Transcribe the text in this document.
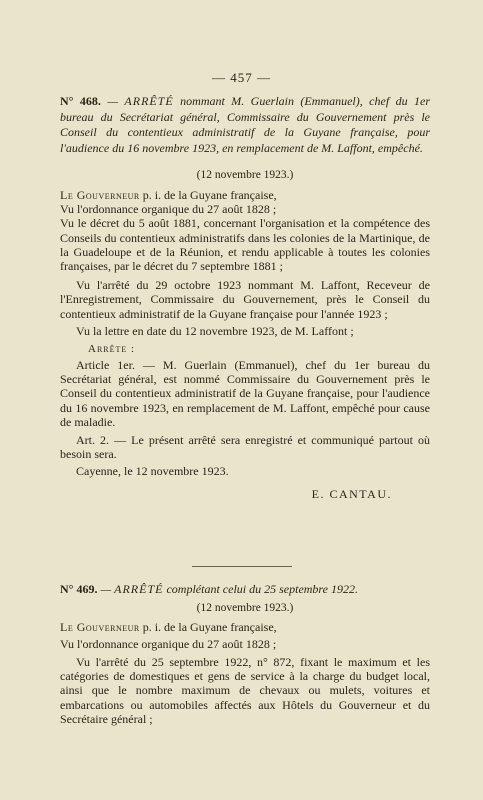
— 457 —
N° 468. — ARRÊTÉ nommant M. Guerlain (Emmanuel), chef du 1er bureau du Secrétariat général, Commissaire du Gouvernement près le Conseil du contentieux administratif de la Guyane française, pour l'audience du 16 novembre 1923, en remplacement de M. Laffont, empêché.
(12 novembre 1923.)

Le Gouverneur p. i. de la Guyane française,

Vu l'ordonnance organique du 27 août 1828 ;

Vu le décret du 5 août 1881, concernant l'organisation et la compétence des Conseils du contentieux administratifs dans les colonies de la Martinique, de la Guadeloupe et de la Réunion, et rendu applicable à toutes les colonies françaises, par le décret du 7 septembre 1881 ;

Vu l'arrêté du 29 octobre 1923 nommant M. Laffont, Receveur de l'Enregistrement, Commissaire du Gouvernement, près le Conseil du contentieux administratif de la Guyane française pour l'année 1923 ;

Vu la lettre en date du 12 novembre 1923, de M. Laffont ;

Arrête :

Article 1er. — M. Guerlain (Emmanuel), chef du 1er bureau du Secrétariat général, est nommé Commissaire du Gouvernement près le Conseil du contentieux administratif de la Guyane française, pour l'audience du 16 novembre 1923, en remplacement de M. Laffont, empêché pour cause de maladie.

Art. 2. — Le présent arrêté sera enregistré et communiqué partout où besoin sera.

Cayenne, le 12 novembre 1923.

E. CANTAU.
N° 469. — ARRÊTÉ complétant celui du 25 septembre 1922.
(12 novembre 1923.)

Le Gouverneur p. i. de la Guyane française,

Vu l'ordonnance organique du 27 août 1828 ;

Vu l'arrêté du 25 septembre 1922, n° 872, fixant le maximum et les catégories de domestiques et gens de service à la charge du budget local, ainsi que le nombre maximum de chevaux ou mulets, voitures et embarcations ou automobiles affectés aux Hôtels du Gouverneur et du Secrétaire général ;
